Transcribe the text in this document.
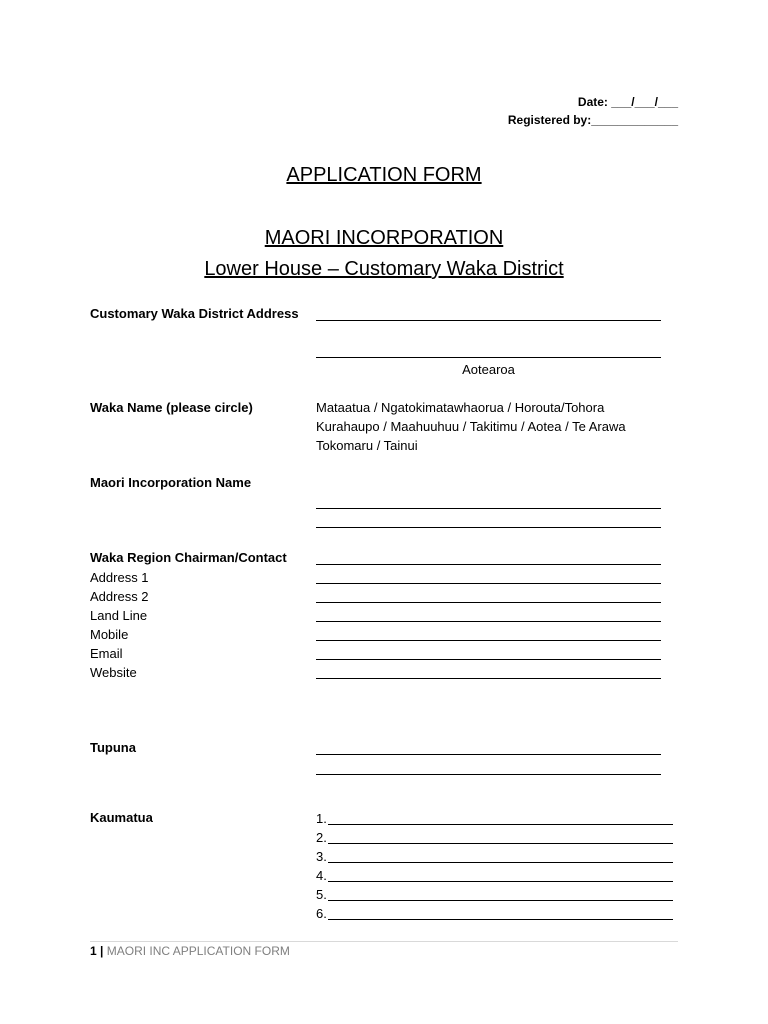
Date: ___/___/___
Registered by:_____________
APPLICATION FORM
MAORI INCORPORATION
Lower House – Customary Waka District
Customary Waka District Address
Aotearoa
Waka Name (please circle)	Mataatua / Ngatokimatawhaorua / Horouta/Tohora
Kurahaupo / Maahuuhuu / Takitimu / Aotea / Te Arawa
Tokomaru / Tainui
Maori Incorporation Name
Waka Region Chairman/Contact
Address 1
Address 2
Land Line
Mobile
Email
Website
Tupuna
Kaumatua	1.
2.
3.
4.
5.
6.
1 | MAORI INC APPLICATION FORM
